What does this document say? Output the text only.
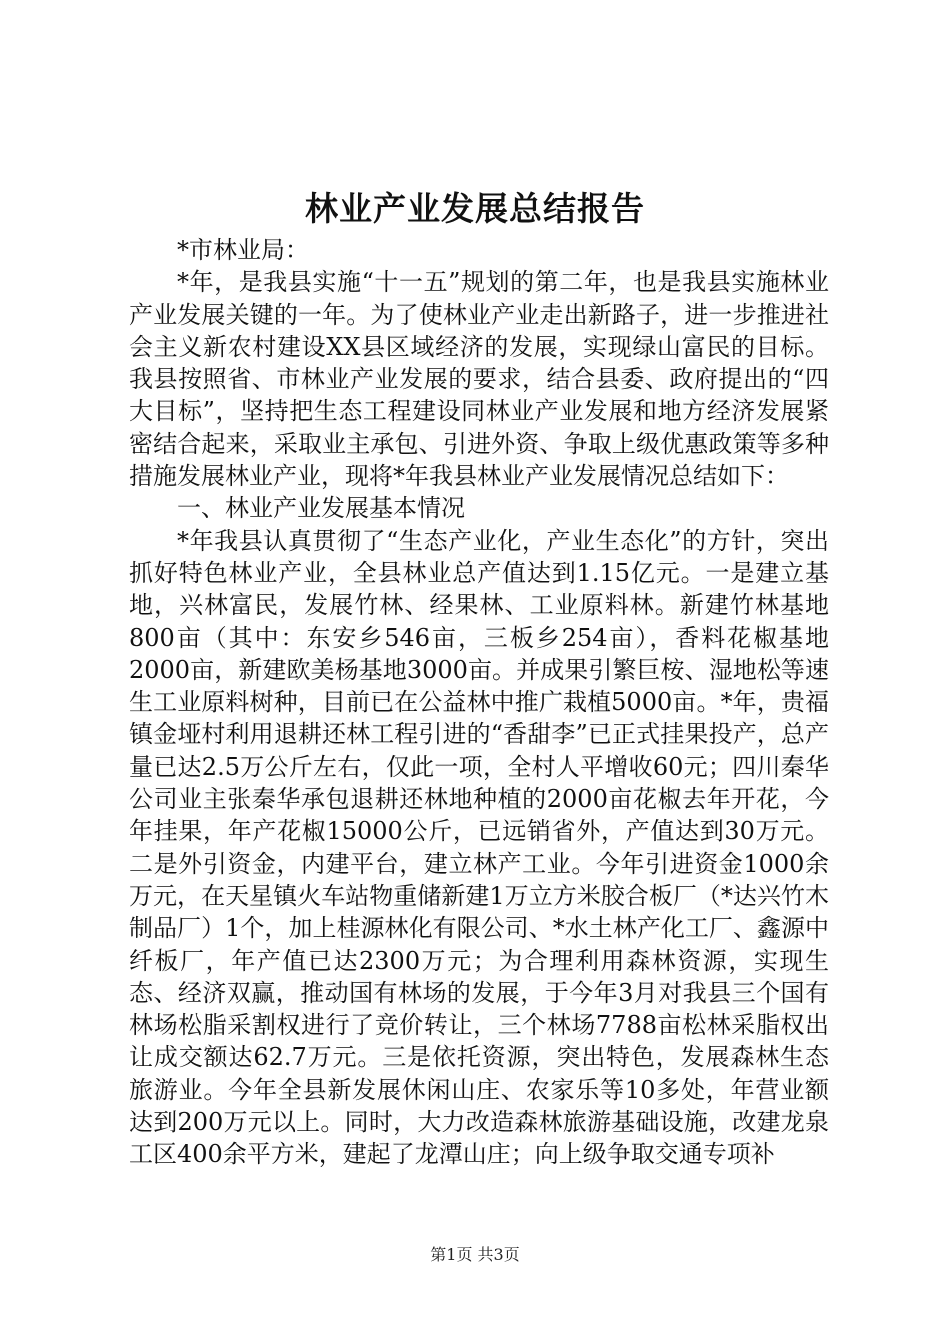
林业产业发展总结报告

*市林业局：

*年，是我县实施“十一五”规划的第二年，也是我县实施林业产业发展关键的一年。为了使林业产业走出新路子，进一步推进社会主义新农村建设XX县区域经济的发展，实现绿山富民的目标。我县按照省、市林业产业发展的要求，结合县委、政府提出的“四大目标”，坚持把生态工程建设同林业产业发展和地方经济发展紧密结合起来，采取业主承包、引进外资、争取上级优惠政策等多种措施发展林业产业，现将*年我县林业产业发展情况总结如下：

一、林业产业发展基本情况

*年我县认真贯彻了“生态产业化，产业生态化”的方针，突出抓好特色林业产业，全县林业总产值达到1.15亿元。一是建立基地，兴林富民，发展竹林、经果林、工业原料林。新建竹林基地800亩（其中：东安乡546亩，三板乡254亩），香料花椒基地2000亩，新建欧美杨基地3000亩。并成果引繁巨桉、湿地松等速生工业原料树种，目前已在公益林中推广栽植5000亩。*年，贵福镇金垭村利用退耕还林工程引进的“香甜李”已正式挂果投产，总产量已达2.5万公斤左右，仅此一项，全村人平增收60元；四川秦华公司业主张秦华承包退耕还林地种植的2000亩花椒去年开花，今年挂果，年产花椒15000公斤，已远销省外，产值达到30万元。二是外引资金，内建平台，建立林产工业。今年引进资金1000余万元，在天星镇火车站物重储新建1万立方米胶合板厂（*达兴竹木制品厂）1个，加上桂源林化有限公司、*水土林产化工厂、鑫源中纤板厂，年产值已达2300万元；为合理利用森林资源，实现生态、经济双赢，推动国有林场的发展，于今年3月对我县三个国有林场松脂采割权进行了竞价转让，三个林场7788亩松林采脂权出让成交额达62.7万元。三是依托资源，突出特色，发展森林生态旅游业。今年全县新发展休闲山庄、农家乐等10多处，年营业额达到200万元以上。同时，大力改造森林旅游基础设施，改建龙泉工区400余平方米，建起了龙潭山庄；向上级争取交通专项补

第1页 共3页
